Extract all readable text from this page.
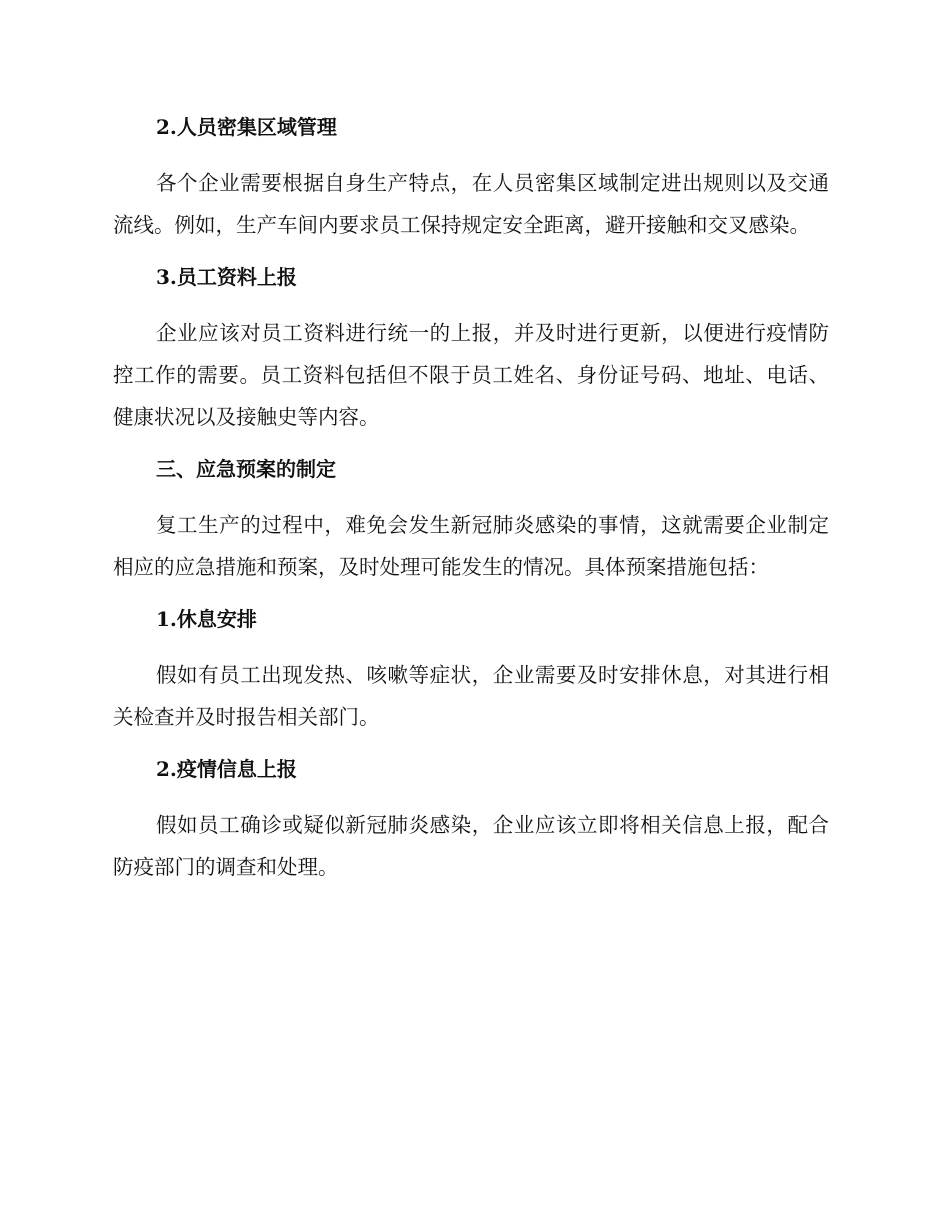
2.人员密集区域管理

各个企业需要根据自身生产特点，在人员密集区域制定进出规则以及交通流线。例如，生产车间内要求员工保持规定安全距离，避开接触和交叉感染。

3.员工资料上报

企业应该对员工资料进行统一的上报，并及时进行更新，以便进行疫情防控工作的需要。员工资料包括但不限于员工姓名、身份证号码、地址、电话、健康状况以及接触史等内容。

三、应急预案的制定

复工生产的过程中，难免会发生新冠肺炎感染的事情，这就需要企业制定相应的应急措施和预案，及时处理可能发生的情况。具体预案措施包括：

1.休息安排

假如有员工出现发热、咳嗽等症状，企业需要及时安排休息，对其进行相关检查并及时报告相关部门。

2.疫情信息上报

假如员工确诊或疑似新冠肺炎感染，企业应该立即将相关信息上报，配合防疫部门的调查和处理。
